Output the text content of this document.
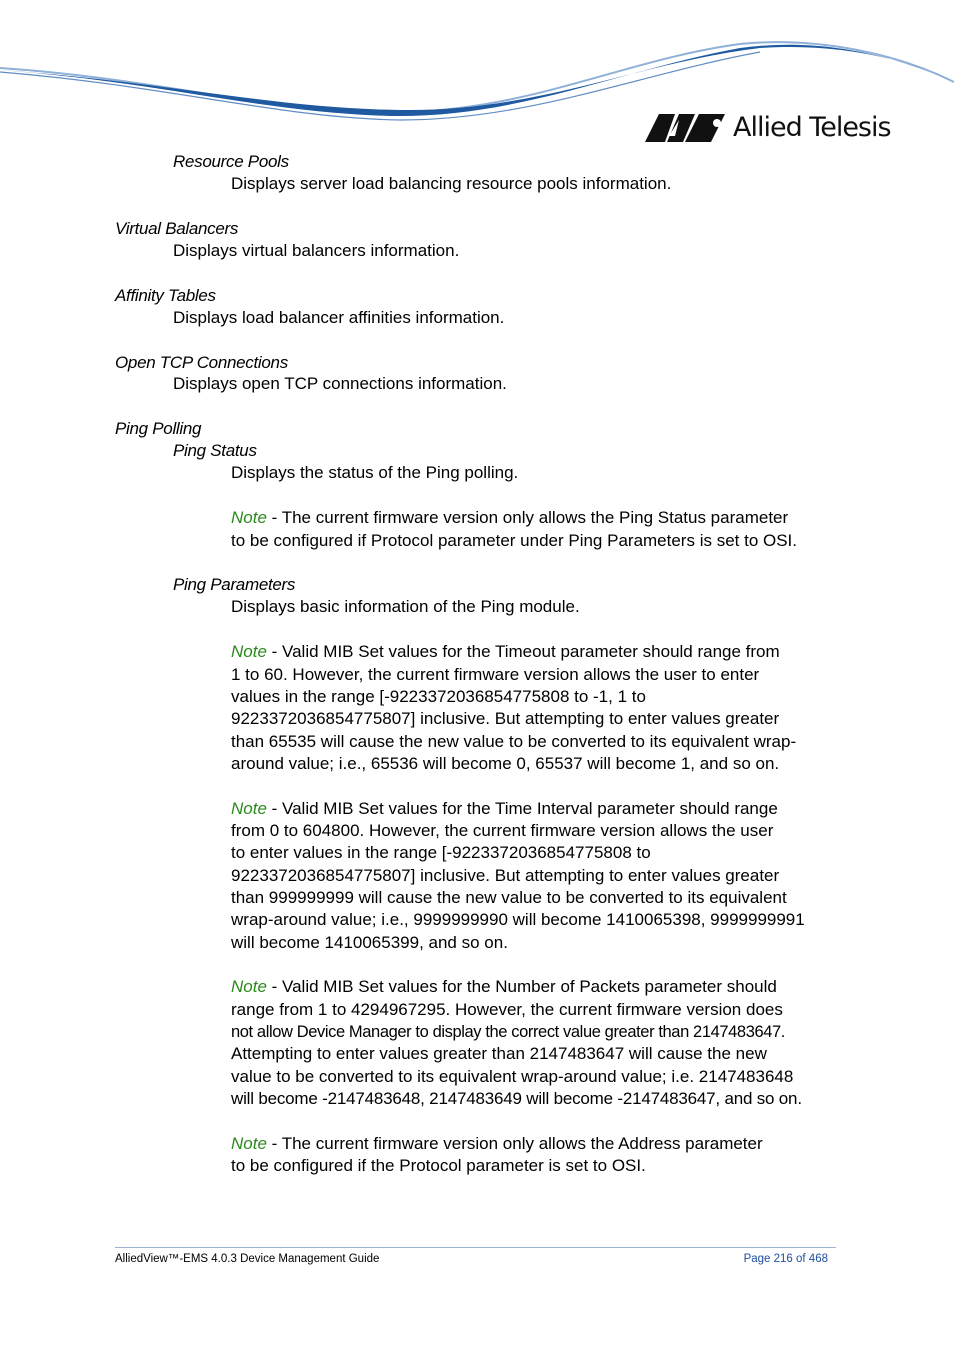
Allied Telesis
Resource Pools
Displays server load balancing resource pools information.
Virtual Balancers
Displays virtual balancers information.
Affinity Tables
Displays load balancer affinities information.
Open TCP Connections
Displays open TCP connections information.
Ping Polling
Ping Status
Displays the status of the Ping polling.
Note - The current firmware version only allows the Ping Status parameter
to be configured if Protocol parameter under Ping Parameters is set to OSI.
Ping Parameters
Displays basic information of the Ping module.
Note - Valid MIB Set values for the Timeout parameter should range from
1 to 60. However, the current firmware version allows the user to enter
values in the range [-9223372036854775808 to -1, 1 to
9223372036854775807] inclusive. But attempting to enter values greater
than 65535 will cause the new value to be converted to its equivalent wrap-
around value; i.e., 65536 will become 0, 65537 will become 1, and so on.
Note - Valid MIB Set values for the Time Interval parameter should range
from 0 to 604800. However, the current firmware version allows the user
to enter values in the range [-9223372036854775808 to
9223372036854775807] inclusive. But attempting to enter values greater
than 999999999 will cause the new value to be converted to its equivalent
wrap-around value; i.e., 9999999990 will become 1410065398, 9999999991
will become 1410065399, and so on.
Note - Valid MIB Set values for the Number of Packets parameter should
range from 1 to 4294967295. However, the current firmware version does
not allow Device Manager to display the correct value greater than 2147483647.
Attempting to enter values greater than 2147483647 will cause the new
value to be converted to its equivalent wrap-around value; i.e. 2147483648
will become -2147483648, 2147483649 will become -2147483647, and so on.
Note - The current firmware version only allows the Address parameter
to be configured if the Protocol parameter is set to OSI.
AlliedView™-EMS 4.0.3 Device Management Guide	Page 216 of 468
